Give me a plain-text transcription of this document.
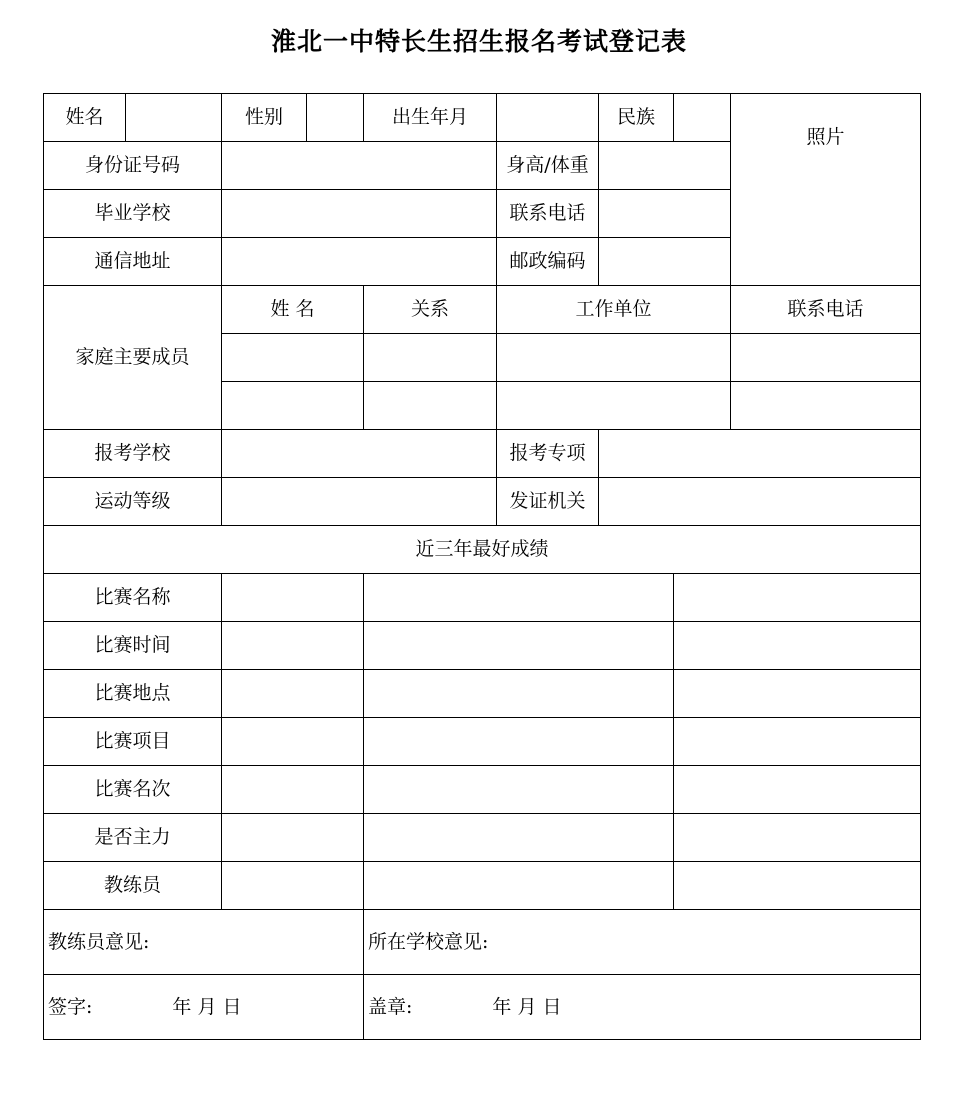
淮北一中特长生招生报名考试登记表
姓名		性别		出生年月		民族		照片
身份证号码					身高/体重			
毕业学校					联系电话			
通信地址					邮政编码			
家庭主要成员		姓 名		关系	工作单位			联系电话

报考学校					报考专项			
运动等级					发证机关			
近三年最好成绩								
比赛名称								
比赛时间								
比赛地点								
比赛项目								
比赛名次								
是否主力								
教练员								
教练员意见:				所在学校意见:				
签字: 年 月 日				盖章: 年 月 日				
